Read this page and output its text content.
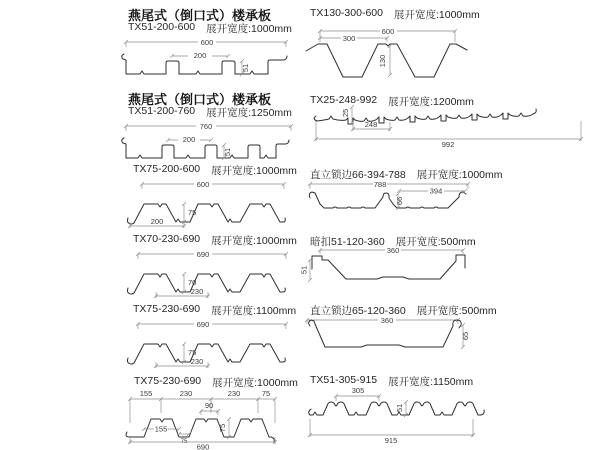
燕尾式（倒口式）楼承板
TX51-200-600 展开宽度:1000mm
600
200
51
燕尾式（倒口式）楼承板
TX51-200-760 展开宽度:1250mm
760
200
51
TX75-200-600 展开宽度:1000mm
600
75
200
TX70-230-690 展开宽度:1000mm
690
70
230
TX75-230-690 展开宽度:1100mm
690
75
230
TX75-230-690 展开宽度:1000mm
155	230	230	75
90
155
75
75
690
TX130-300-600 展开宽度:1000mm
600
300
130
TX25-248-992 展开宽度:1200mm
25
248
992
直立锁边66-394-788 展开宽度:1000mm
788
394
66
暗扣51-120-360 展开宽度:500mm
360
51
直立锁边65-120-360 展开宽度:500mm
360
65
TX51-305-915 展开宽度:1150mm
305
51
915
